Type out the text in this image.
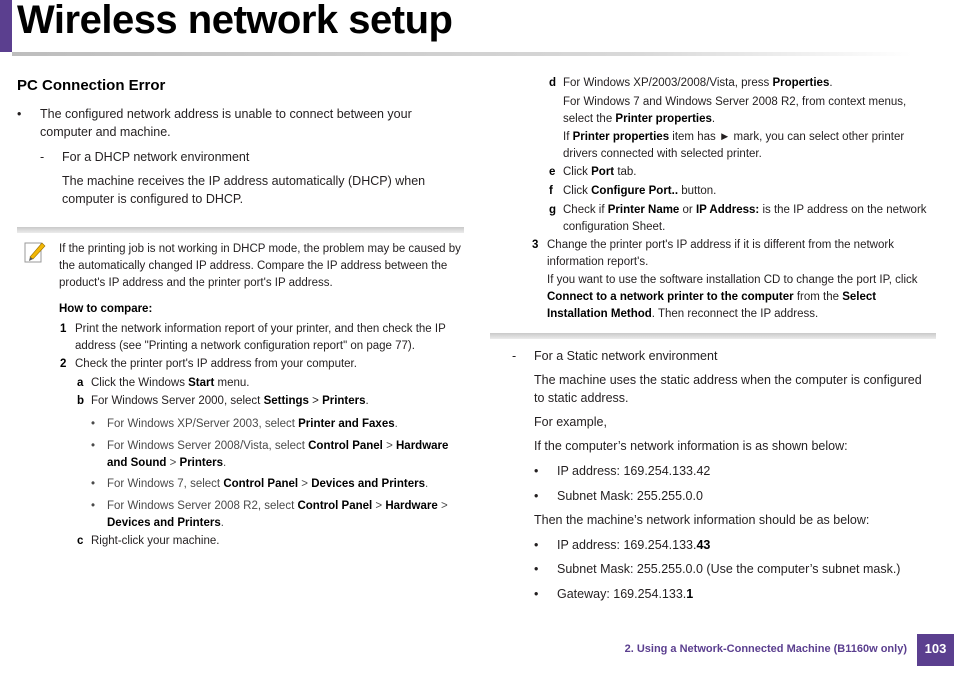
Wireless network setup
PC Connection Error
• The configured network address is unable to connect between your computer and machine.
- For a DHCP network environment
The machine receives the IP address automatically (DHCP) when computer is configured to DHCP.
If the printing job is not working in DHCP mode, the problem may be caused by the automatically changed IP address. Compare the IP address between the product's IP address and the printer port's IP address.
How to compare:
1 Print the network information report of your printer, and then check the IP address (see "Printing a network configuration report" on page 77).
2 Check the printer port's IP address from your computer.
a Click the Windows Start menu.
b For Windows Server 2000, select Settings > Printers.
• For Windows XP/Server 2003, select Printer and Faxes.
• For Windows Server 2008/Vista, select Control Panel > Hardware and Sound > Printers.
• For Windows 7, select Control Panel > Devices and Printers.
• For Windows Server 2008 R2, select Control Panel > Hardware > Devices and Printers.
c Right-click your machine.
d For Windows XP/2003/2008/Vista, press Properties.
For Windows 7 and Windows Server 2008 R2, from context menus, select the Printer properties.
If Printer properties item has ► mark, you can select other printer drivers connected with selected printer.
e Click Port tab.
f Click Configure Port.. button.
g Check if Printer Name or IP Address: is the IP address on the network configuration Sheet.
3 Change the printer port's IP address if it is different from the network information report's.
If you want to use the software installation CD to change the port IP, click Connect to a network printer to the computer from the Select Installation Method. Then reconnect the IP address.
- For a Static network environment
The machine uses the static address when the computer is configured to static address.
For example,
If the computer’s network information is as shown below:
• IP address: 169.254.133.42
• Subnet Mask: 255.255.0.0
Then the machine’s network information should be as below:
• IP address: 169.254.133.43
• Subnet Mask: 255.255.0.0 (Use the computer’s subnet mask.)
• Gateway: 169.254.133.1
2. Using a Network-Connected Machine (B1160w only)	103
